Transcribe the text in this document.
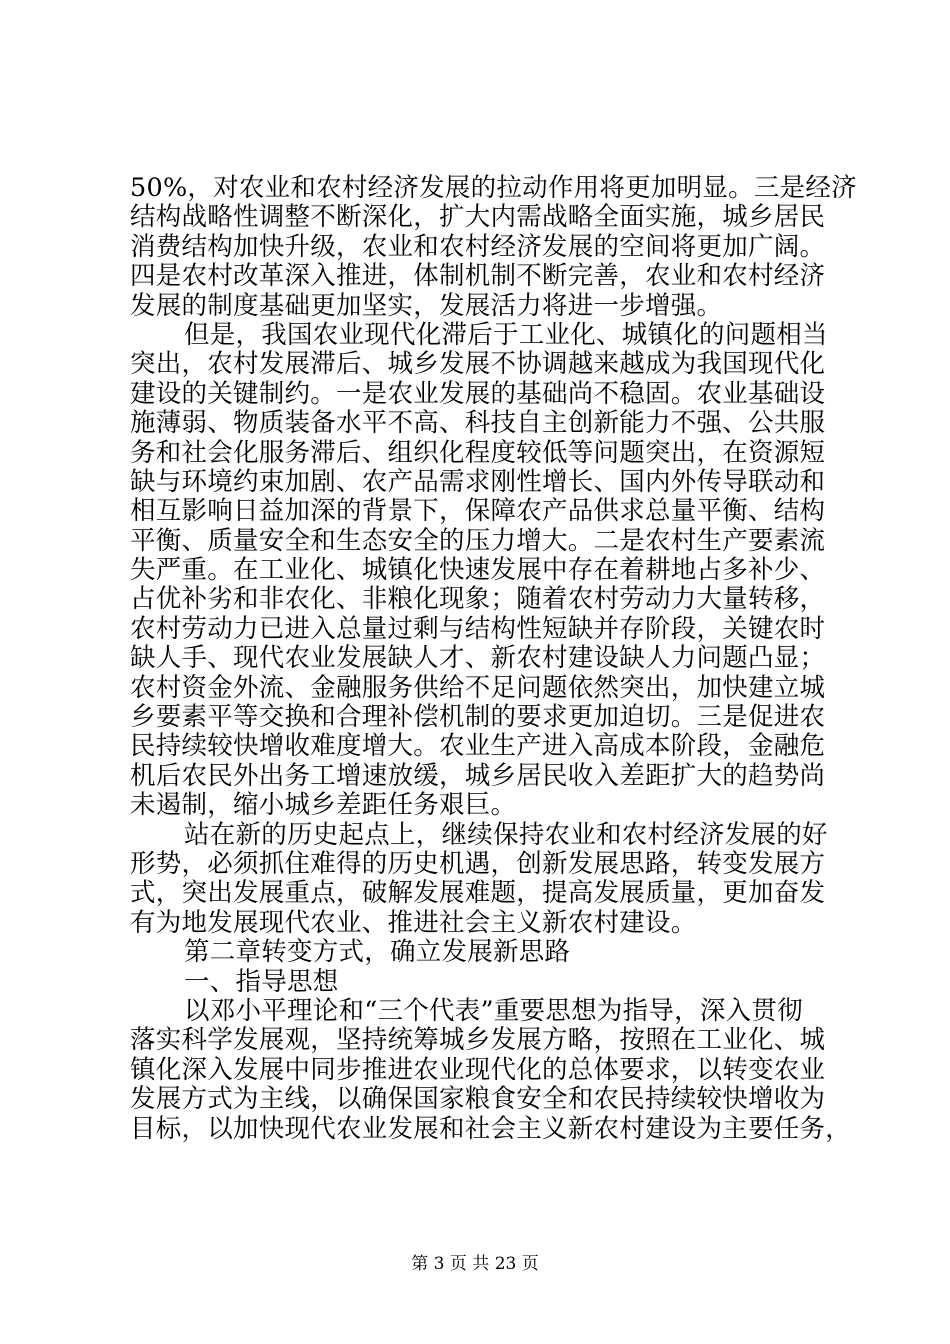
50%，对农业和农村经济发展的拉动作用将更加明显。三是经济
结构战略性调整不断深化，扩大内需战略全面实施，城乡居民
消费结构加快升级，农业和农村经济发展的空间将更加广阔。
四是农村改革深入推进，体制机制不断完善，农业和农村经济
发展的制度基础更加坚实，发展活力将进一步增强。
但是，我国农业现代化滞后于工业化、城镇化的问题相当
突出，农村发展滞后、城乡发展不协调越来越成为我国现代化
建设的关键制约。一是农业发展的基础尚不稳固。农业基础设
施薄弱、物质装备水平不高、科技自主创新能力不强、公共服
务和社会化服务滞后、组织化程度较低等问题突出，在资源短
缺与环境约束加剧、农产品需求刚性增长、国内外传导联动和
相互影响日益加深的背景下，保障农产品供求总量平衡、结构
平衡、质量安全和生态安全的压力增大。二是农村生产要素流
失严重。在工业化、城镇化快速发展中存在着耕地占多补少、
占优补劣和非农化、非粮化现象；随着农村劳动力大量转移，
农村劳动力已进入总量过剩与结构性短缺并存阶段，关键农时
缺人手、现代农业发展缺人才、新农村建设缺人力问题凸显；
农村资金外流、金融服务供给不足问题依然突出，加快建立城
乡要素平等交换和合理补偿机制的要求更加迫切。三是促进农
民持续较快增收难度增大。农业生产进入高成本阶段，金融危
机后农民外出务工增速放缓，城乡居民收入差距扩大的趋势尚
未遏制，缩小城乡差距任务艰巨。
站在新的历史起点上，继续保持农业和农村经济发展的好
形势，必须抓住难得的历史机遇，创新发展思路，转变发展方
式，突出发展重点，破解发展难题，提高发展质量，更加奋发
有为地发展现代农业、推进社会主义新农村建设。
第二章转变方式，确立发展新思路
一、指导思想
以邓小平理论和“三个代表”重要思想为指导，深入贯彻
落实科学发展观，坚持统筹城乡发展方略，按照在工业化、城
镇化深入发展中同步推进农业现代化的总体要求，以转变农业
发展方式为主线，以确保国家粮食安全和农民持续较快增收为
目标，以加快现代农业发展和社会主义新农村建设为主要任务，
第 3 页 共 23 页
